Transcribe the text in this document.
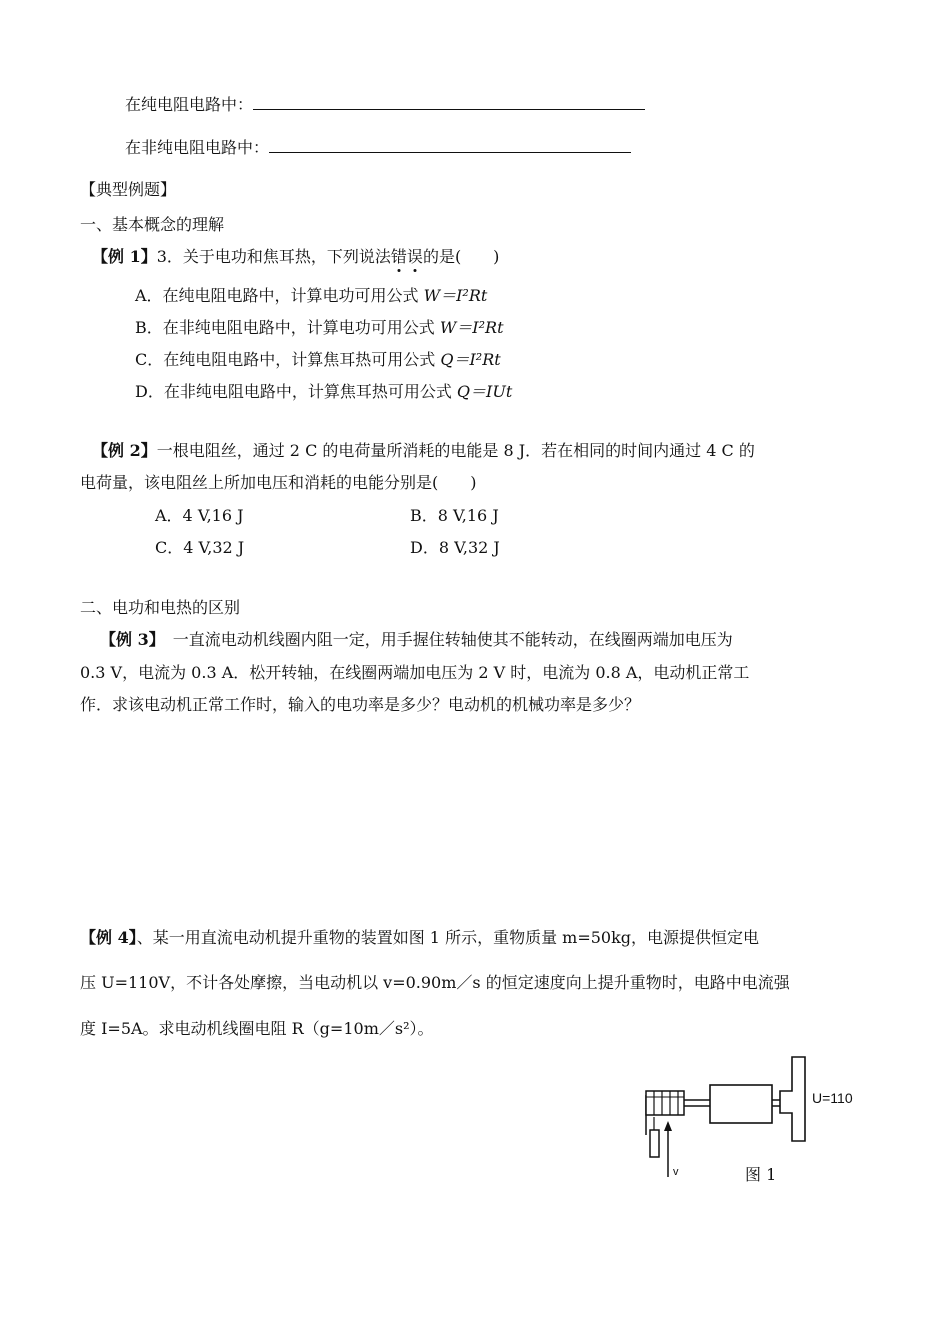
在纯电阻电路中：
在非纯电阻电路中：
【典型例题】
一、基本概念的理解
【例 1】3．关于电功和焦耳热，下列说法错误的是(　　)
A．在纯电阻电路中，计算电功可用公式 W＝I²Rt
B．在非纯电阻电路中，计算电功可用公式 W＝I²Rt
C．在纯电阻电路中，计算焦耳热可用公式 Q＝I²Rt
D．在非纯电阻电路中，计算焦耳热可用公式 Q＝IUt
【例 2】一根电阻丝，通过 2 C 的电荷量所消耗的电能是 8 J．若在相同的时间内通过 4 C 的
电荷量，该电阻丝上所加电压和消耗的电能分别是(　　)
A．4 V,16 J	B．8 V,16 J
C．4 V,32 J	D．8 V,32 J
二、电功和电热的区别
【例 3】 一直流电动机线圈内阻一定，用手握住转轴使其不能转动，在线圈两端加电压为
0.3 V，电流为 0.3 A．松开转轴，在线圈两端加电压为 2 V 时，电流为 0.8 A，电动机正常工
作．求该电动机正常工作时，输入的电功率是多少？电动机的机械功率是多少？
【例 4】、某一用直流电动机提升重物的装置如图 1 所示，重物质量 m=50kg，电源提供恒定电
压 U=110V，不计各处摩擦，当电动机以 v=0.90m／s 的恒定速度向上提升重物时，电路中电流强
度 I=5A。求电动机线圈电阻 R（g=10m／s²）。
U=110
v	图 1
